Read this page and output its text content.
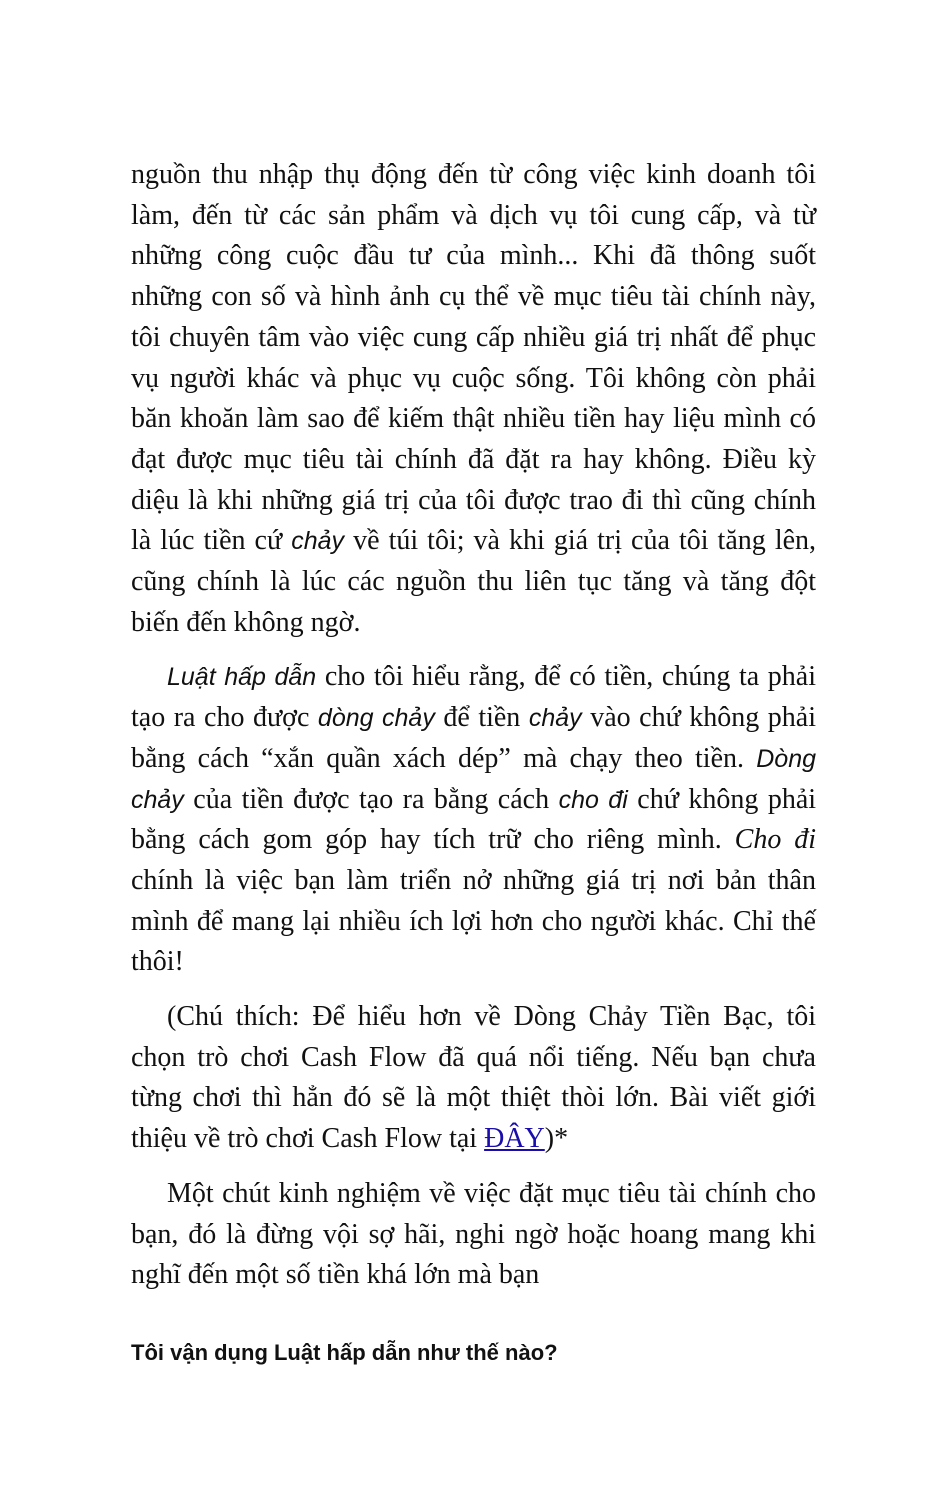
nguồn thu nhập thụ động đến từ công việc kinh doanh tôi làm, đến từ các sản phẩm và dịch vụ tôi cung cấp, và từ những công cuộc đầu tư của mình... Khi đã thông suốt những con số và hình ảnh cụ thể về mục tiêu tài chính này, tôi chuyên tâm vào việc cung cấp nhiều giá trị nhất để phục vụ người khác và phục vụ cuộc sống. Tôi không còn phải băn khoăn làm sao để kiếm thật nhiều tiền hay liệu mình có đạt được mục tiêu tài chính đã đặt ra hay không. Điều kỳ diệu là khi những giá trị của tôi được trao đi thì cũng chính là lúc tiền cứ chảy về túi tôi; và khi giá trị của tôi tăng lên, cũng chính là lúc các nguồn thu liên tục tăng và tăng đột biến đến không ngờ.

Luật hấp dẫn cho tôi hiểu rằng, để có tiền, chúng ta phải tạo ra cho được dòng chảy để tiền chảy vào chứ không phải bằng cách “xắn quần xách dép” mà chạy theo tiền. Dòng chảy của tiền được tạo ra bằng cách cho đi chứ không phải bằng cách gom góp hay tích trữ cho riêng mình. Cho đi chính là việc bạn làm triển nở những giá trị nơi bản thân mình để mang lại nhiều ích lợi hơn cho người khác. Chỉ thế thôi!

(Chú thích: Để hiểu hơn về Dòng Chảy Tiền Bạc, tôi chọn trò chơi Cash Flow đã quá nổi tiếng. Nếu bạn chưa từng chơi thì hẳn đó sẽ là một thiệt thòi lớn. Bài viết giới thiệu về trò chơi Cash Flow tại ĐÂY)*

Một chút kinh nghiệm về việc đặt mục tiêu tài chính cho bạn, đó là đừng vội sợ hãi, nghi ngờ hoặc hoang mang khi nghĩ đến một số tiền khá lớn mà bạn

Tôi vận dụng Luật hấp dẫn như thế nào?
